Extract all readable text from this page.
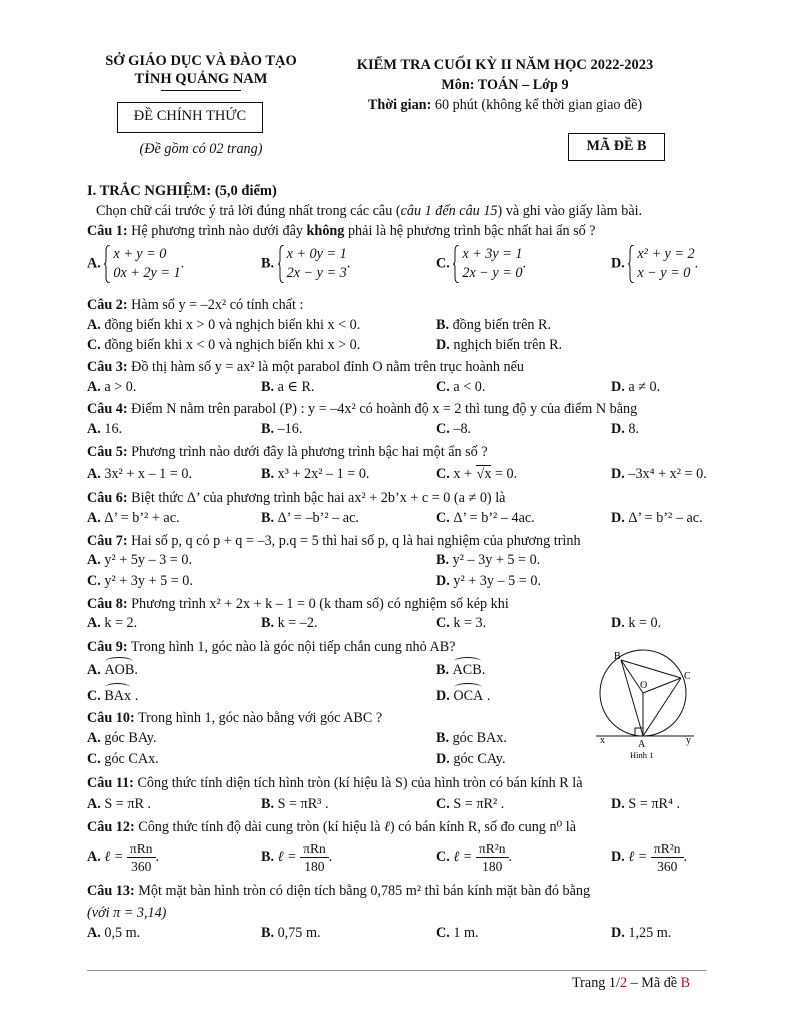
SỞ GIÁO DỤC VÀ ĐÀO TẠO
TỈNH QUẢNG NAM
ĐỀ CHÍNH THỨC
(Đề gồm có 02 trang)
KIỂM TRA CUỐI KỲ II NĂM HỌC 2022-2023
Môn: TOÁN – Lớp 9
Thời gian: 60 phút (không kể thời gian giao đề)
MÃ ĐỀ B
I. TRẮC NGHIỆM: (5,0 điểm)
Chọn chữ cái trước ý trả lời đúng nhất trong các câu (câu 1 đến câu 15) và ghi vào giấy làm bài.
Câu 1: Hệ phương trình nào dưới đây không phải là hệ phương trình bậc nhất hai ẩn số ?
A.
x + y = 0
0x + 2y = 1
.	B.
x + 0y = 1
2x − y = 3
.	C.
x + 3y = 1
2x − y = 0
.	D.
x² + y = 2
x − y = 0
.
Câu 2: Hàm số y = –2x² có tính chất :
A. đồng biến khi x > 0 và nghịch biến khi x < 0.	B. đồng biến trên R.
C. đồng biến khi x < 0 và nghịch biến khi x > 0.	D. nghịch biến trên R.
Câu 3: Đồ thị hàm số y = ax² là một parabol đỉnh O nằm trên trục hoành nếu
A. a > 0.	B. a ∈ R.	C. a < 0.	D. a ≠ 0.
Câu 4: Điểm N nằm trên parabol (P) : y = –4x² có hoành độ x = 2 thì tung độ y của điểm N bằng
A. 16.	B. –16.	C. –8.	D. 8.
Câu 5: Phương trình nào dưới đây là phương trình bậc hai một ẩn số ?
A. 3x² + x – 1 = 0.	B. x³ + 2x² – 1 = 0.	C. x + √x = 0.	D. –3x⁴ + x² = 0.
Câu 6: Biệt thức Δ’ của phương trình bậc hai ax² + 2b’x + c = 0 (a ≠ 0) là
A. Δ’ = b’² + ac.	B. Δ’ = –b’² – ac.	C. Δ’ = b’² – 4ac.	D. Δ’ = b’² – ac.
Câu 7: Hai số p, q có p + q = –3, p.q = 5 thì hai số p, q là hai nghiệm của phương trình
A. y² + 5y – 3 = 0.	B. y² – 3y + 5 = 0.
C. y² + 3y + 5 = 0.	D. y² + 3y – 5 = 0.
Câu 8: Phương trình x² + 2x + k – 1 = 0 (k tham số) có nghiệm số kép khi
A. k = 2.	B. k = –2.	C. k = 3.	D. k = 0.
Câu 9: Trong hình 1, góc nào là góc nội tiếp chắn cung nhỏ AB?
A. AOB.	B. ACB.
C. BAx .	D. OCA .
Câu 10: Trong hình 1, góc nào bằng với góc ABC ?
A. góc BAy.	B. góc BAx.
C. góc CAx.	D. góc CAy.
B
C
O
A
x	y
Hình 1
Câu 11: Công thức tính diện tích hình tròn (kí hiệu là S) của hình tròn có bán kính R là
A. S = πR .	B. S = πR³ .	C. S = πR² .	D. S = πR⁴ .
Câu 12: Công thức tính độ dài cung tròn (kí hiệu là ℓ) có bán kính R, số đo cung n⁰ là
A. ℓ = $\frac{\text{πRn}}{360}$ .	B. ℓ = $\frac{\text{πRn}}{180}$ .	C. ℓ = $\frac{\text{πR²n}}{180}$ .	D. ℓ = $\frac{\text{πR²n}}{360}$ .
Câu 13: Một mặt bàn hình tròn có diện tích bằng 0,785 m² thì bán kính mặt bàn đó bằng
(với π = 3,14)
A. 0,5 m.	B. 0,75 m.	C. 1 m.	D. 1,25 m.
Trang 1/2 – Mã đề B
